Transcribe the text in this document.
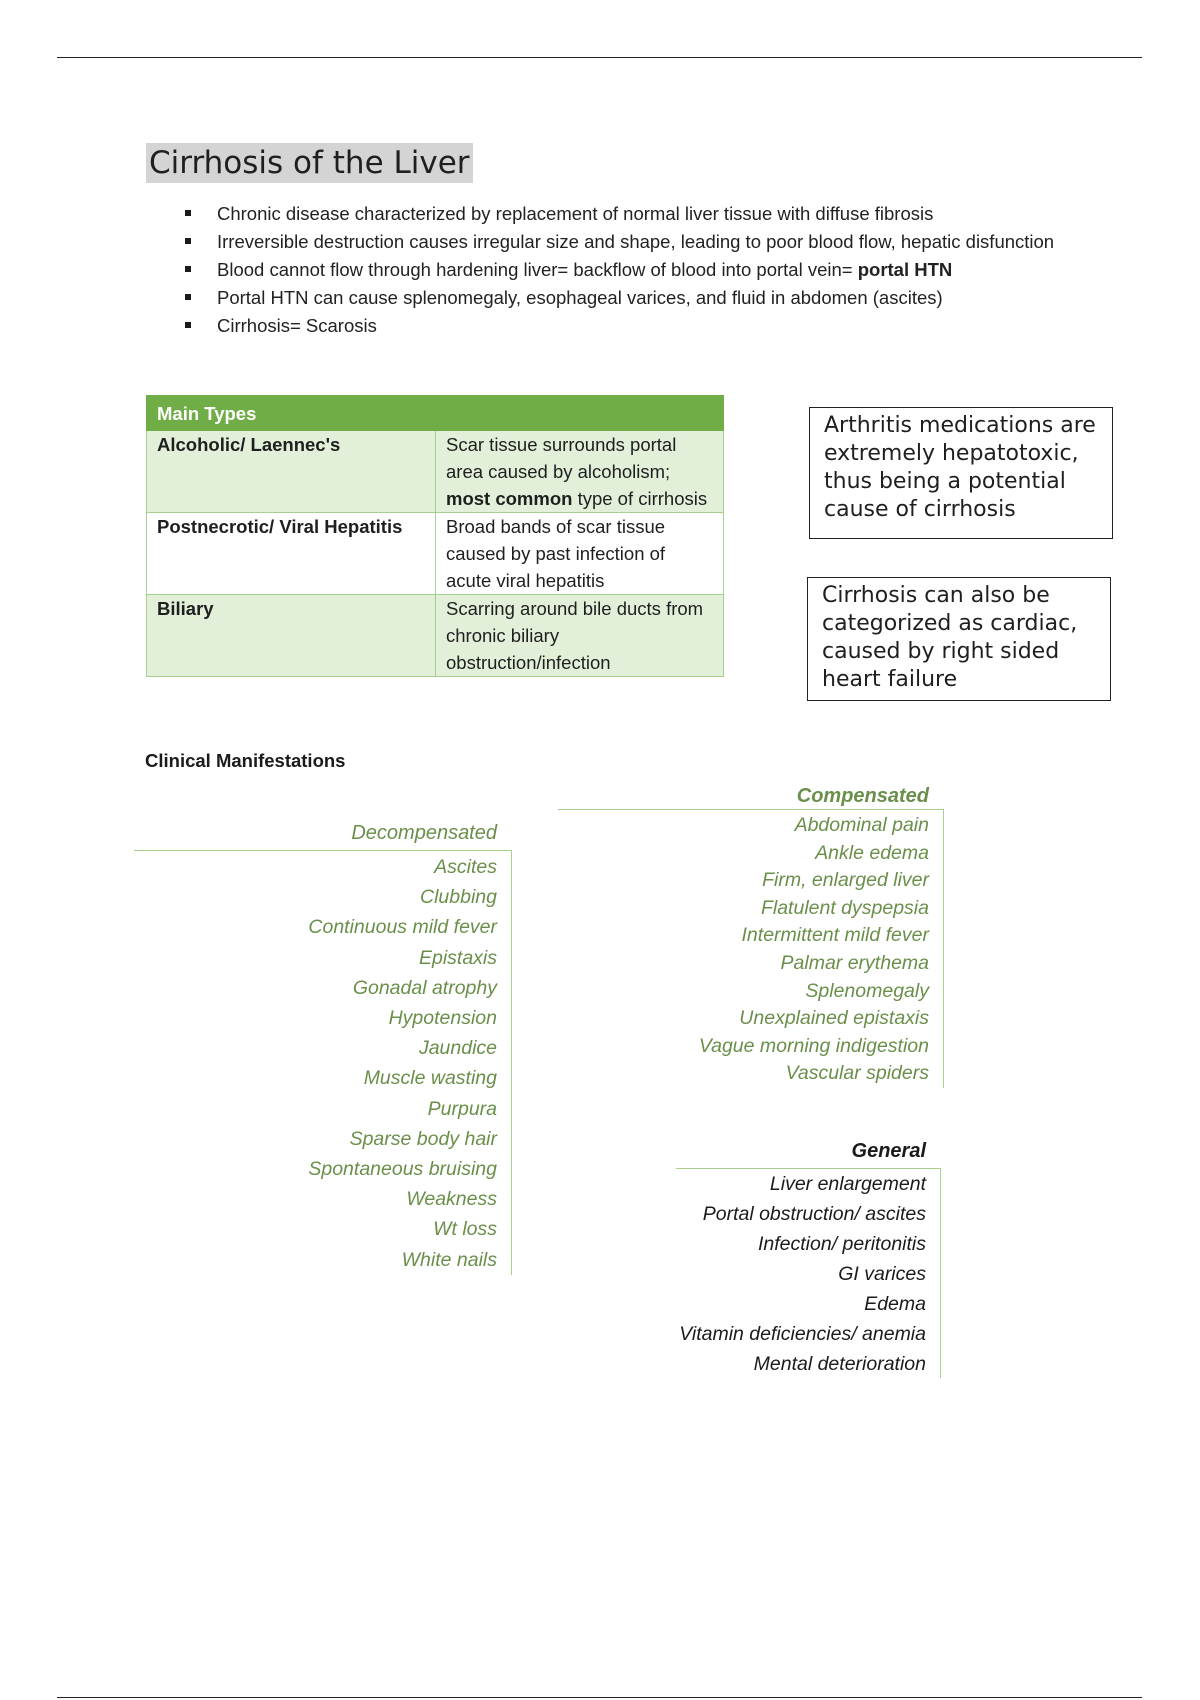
Cirrhosis of the Liver
Chronic disease characterized by replacement of normal liver tissue with diffuse fibrosis
Irreversible destruction causes irregular size and shape, leading to poor blood flow, hepatic disfunction
Blood cannot flow through hardening liver= backflow of blood into portal vein= portal HTN
Portal HTN can cause splenomegaly, esophageal varices, and fluid in abdomen (ascites)
Cirrhosis= Scarosis
Main Types	
Alcoholic/ Laennec's	Scar tissue surrounds portal area caused by alcoholism; most common type of cirrhosis
Postnecrotic/ Viral Hepatitis	Broad bands of scar tissue caused by past infection of acute viral hepatitis
Biliary	Scarring around bile ducts from chronic biliary obstruction/infection
Arthritis medications are extremely hepatotoxic, thus being a potential cause of cirrhosis
Cirrhosis can also be categorized as cardiac, caused by right sided heart failure
Clinical Manifestations
Decompensated
Ascites
Clubbing
Continuous mild fever
Epistaxis
Gonadal atrophy
Hypotension
Jaundice
Muscle wasting
Purpura
Sparse body hair
Spontaneous bruising
Weakness
Wt loss
White nails
Compensated
Abdominal pain
Ankle edema
Firm, enlarged liver
Flatulent dyspepsia
Intermittent mild fever
Palmar erythema
Splenomegaly
Unexplained epistaxis
Vague morning indigestion
Vascular spiders
General
Liver enlargement
Portal obstruction/ ascites
Infection/ peritonitis
GI varices
Edema
Vitamin deficiencies/ anemia
Mental deterioration
